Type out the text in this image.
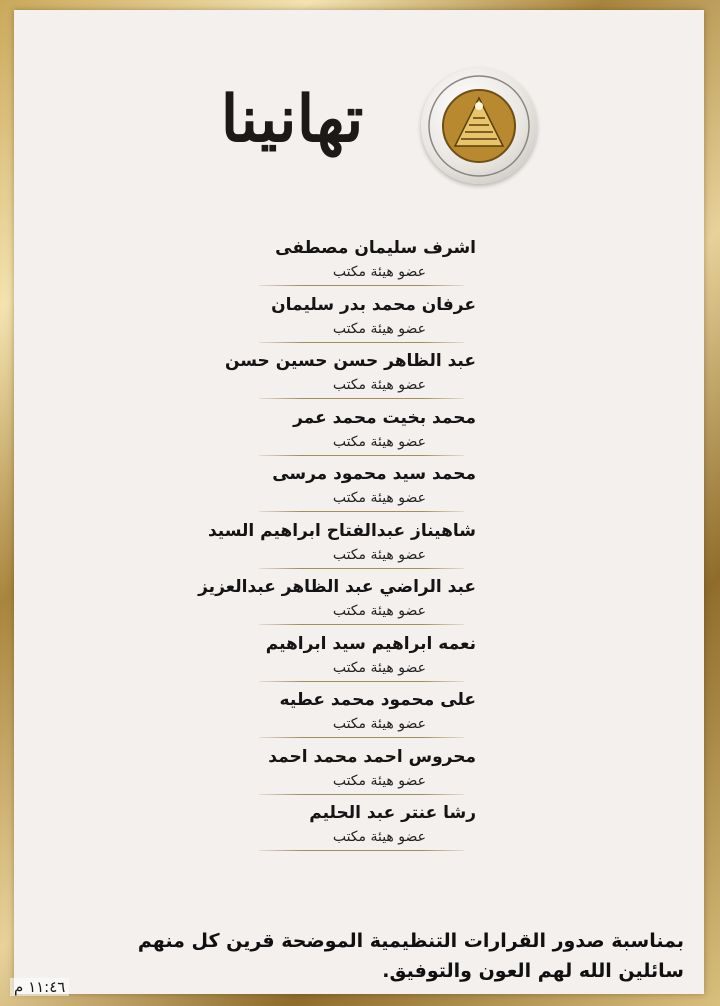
تهانينا
اشرف سليمان مصطفى
عضو هيئة مكتب
عرفان محمد بدر سليمان
عضو هيئة مكتب
عبد الظاهر حسن حسين حسن
عضو هيئة مكتب
محمد بخيت محمد عمر
عضو هيئة مكتب
محمد سيد محمود مرسى
عضو هيئة مكتب
شاهيناز عبدالفتاح ابراهيم السيد
عضو هيئة مكتب
عبد الراضي عبد الظاهر عبدالعزيز
عضو هيئة مكتب
نعمه ابراهيم سيد ابراهيم
عضو هيئة مكتب
على محمود محمد عطيه
عضو هيئة مكتب
محروس احمد محمد احمد
عضو هيئة مكتب
رشا عنتر عبد الحليم
عضو هيئة مكتب
بمناسبة صدور القرارات التنظيمية الموضحة قرين كل منهم
سائلين الله لهم العون والتوفيق.
١١:٤٦ م
